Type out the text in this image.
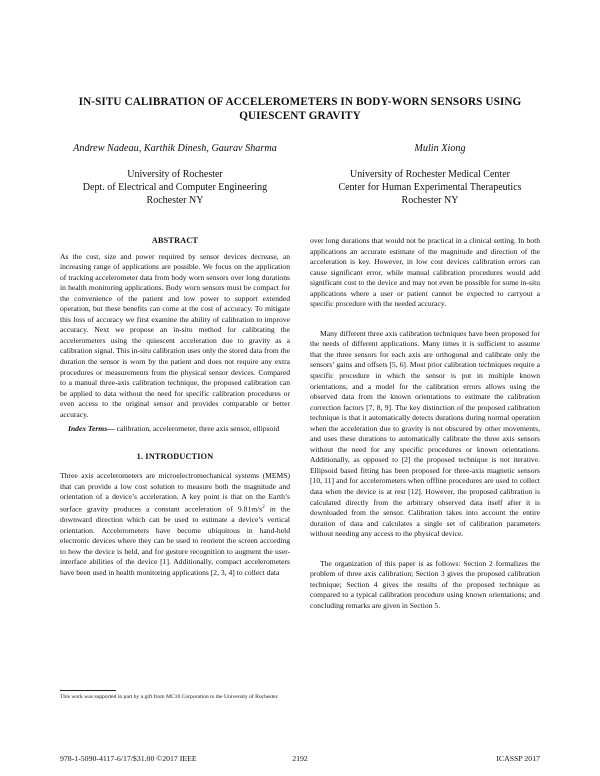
IN-SITU CALIBRATION OF ACCELEROMETERS IN BODY-WORN SENSORS USING
QUIESCENT GRAVITY
Andrew Nadeau, Karthik Dinesh, Gaurav Sharma	Mulin Xiong
University of Rochester
Dept. of Electrical and Computer Engineering
Rochester NY
University of Rochester Medical Center
Center for Human Experimental Therapeutics
Rochester NY
ABSTRACT

As the cost, size and power required by sensor devices decrease, an increasing range of applications are possible. We focus on the application of tracking accelerometer data from body worn sensors over long durations in health monitoring applications. Body worn sensors must be compact for the convenience of the patient and low power to support extended operation, but these benefits can come at the cost of accuracy. To mitigate this loss of accuracy we first examine the ability of calibration to improve accuracy. Next we propose an in-situ method for calibrating the accelerometers using the quiescent acceleration due to gravity as a calibration signal. This in-situ calibration uses only the stored data from the duration the sensor is worn by the patient and does not require any extra procedures or measurements from the physical sensor devices. Compared to a manual three-axis calibration technique, the proposed calibration can be applied to data without the need for specific calibration procedures or even access to the original sensor and provides comparable or better accuracy.

Index Terms— calibration, accelerometer, three axis sensor, ellipsoid

1. INTRODUCTION

Three axis accelerometers are microelectromechanical systems (MEMS) that can provide a low cost solution to measure both the magnitude and orientation of a device’s acceleration. A key point is that on the Earth’s surface gravity produces a constant acceleration of $9.81m/s^2$ in the downward direction which can be used to estimate a device’s vertical orientation. Accelerometers have become ubiquitous in hand-held electronic devices where they can be used to reorient the screen according to how the device is held, and for gesture recognition to augment the user-interface abilities of the device [1]. Additionally, compact accelerometers have been used in health monitoring applications [2, 3, 4] to collect data

This work was supported in part by a gift from MC10 Corporation to the University of Rochester.

over long durations that would not be practical in a clinical setting. In both applications an accurate estimate of the magnitude and direction of the acceleration is key. However, in low cost devices calibration errors can cause significant error, while manual calibration procedures would add significant cost to the device and may not even be possible for some in-situ applications where a user or patient cannot be expected to carryout a specific procedure with the needed accuracy.

Many different three axis calibration techniques have been proposed for the needs of different applications. Many times it is sufficient to assume that the three sensors for each axis are orthogonal and calibrate only the sensors’ gains and offsets [5, 6]. Most prior calibration techniques require a specific procedure in which the sensor is put in multiple known orientations, and a model for the calibration errors allows using the observed data from the known orientations to estimate the calibration correction factors [7, 8, 9]. The key distinction of the proposed calibration technique is that it automatically detects durations during normal operation when the acceleration due to gravity is not obscured by other movements, and uses these durations to automatically calibrate the three axis sensors without the need for any specific procedures or known orientations. Additionally, as opposed to [2] the proposed technique is not iterative. Ellipsoid based fitting has been proposed for three-axis magnetic sensors [10, 11] and for accelerometers when offline procedures are used to collect data when the device is at rest [12]. However, the proposed calibration is calculated directly from the arbitrary observed data itself after it is downloaded from the sensor. Calibration takes into account the entire duration of data and calculates a single set of calibration parameters without needing any access to the physical device.

The organization of this paper is as follows: Section 2 formalizes the problem of three axis calibration; Section 3 gives the proposed calibration technique; Section 4 gives the results of the proposed technique as compared to a typical calibration procedure using known orientations; and concluding remarks are given in Section 5.

978-1-5090-4117-6/17/$31.00 ©2017 IEEE	2192	ICASSP 2017
